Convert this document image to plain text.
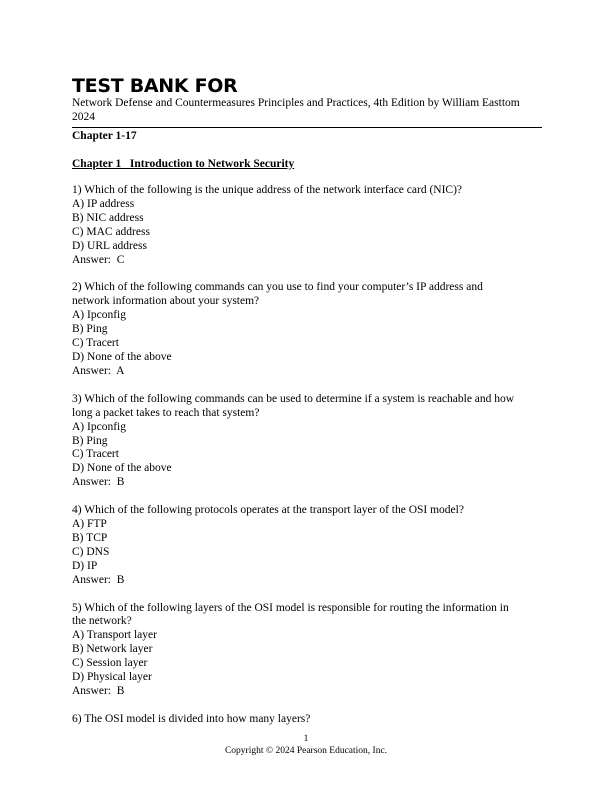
TEST BANK FOR
Network Defense and Countermeasures Principles and Practices, 4th Edition by William Easttom
2024
Chapter 1-17
Chapter 1   Introduction to Network Security
1) Which of the following is the unique address of the network interface card (NIC)?
A) IP address
B) NIC address
C) MAC address
D) URL address
Answer:  C
2) Which of the following commands can you use to find your computer’s IP address and
network information about your system?
A) Ipconfig
B) Ping
C) Tracert
D) None of the above
Answer:  A
3) Which of the following commands can be used to determine if a system is reachable and how
long a packet takes to reach that system?
A) Ipconfig
B) Ping
C) Tracert
D) None of the above
Answer:  B
4) Which of the following protocols operates at the transport layer of the OSI model?
A) FTP
B) TCP
C) DNS
D) IP
Answer:  B
5) Which of the following layers of the OSI model is responsible for routing the information in
the network?
A) Transport layer
B) Network layer
C) Session layer
D) Physical layer
Answer:  B
6) The OSI model is divided into how many layers?
1
Copyright © 2024 Pearson Education, Inc.
